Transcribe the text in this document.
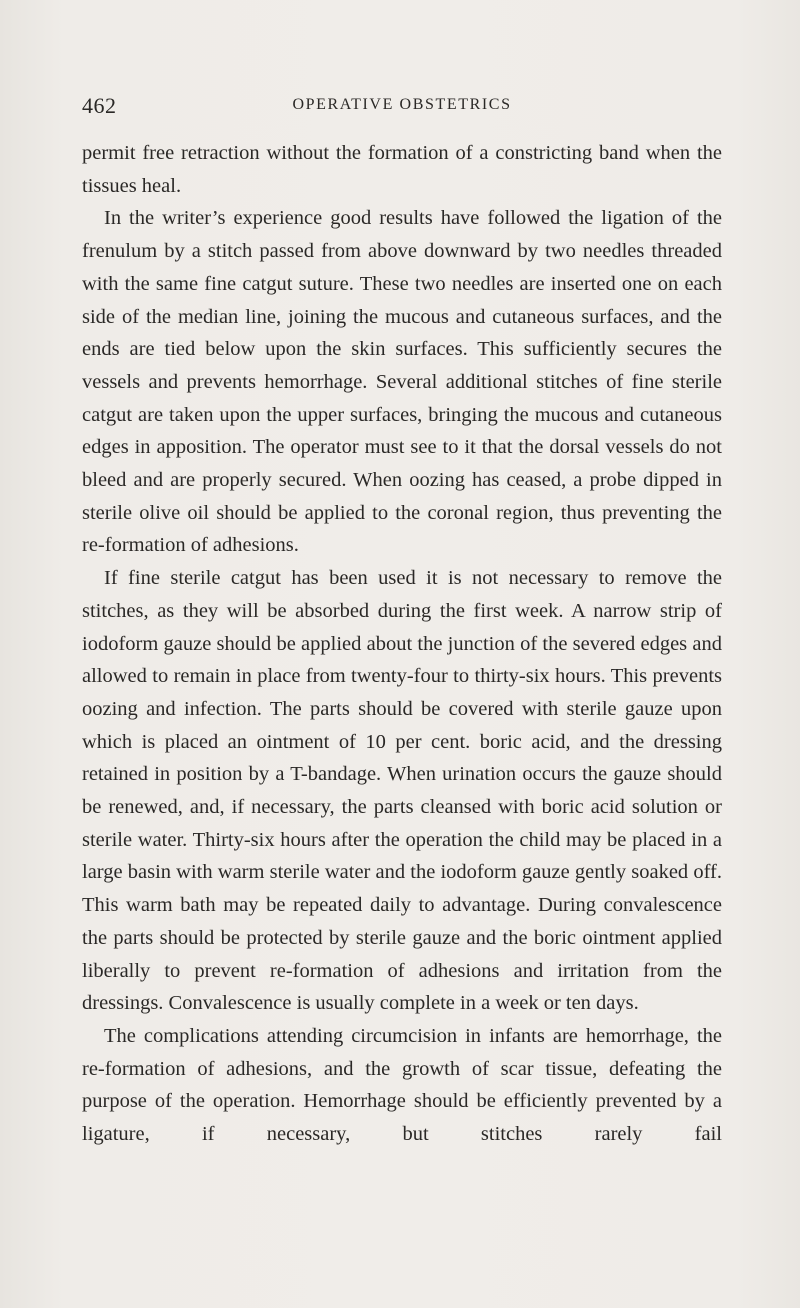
462	OPERATIVE OBSTETRICS

permit free retraction without the formation of a constricting band when the tissues heal.

In the writer’s experience good results have followed the ligation of the frenulum by a stitch passed from above downward by two needles threaded with the same fine catgut suture. These two needles are inserted one on each side of the median line, joining the mucous and cutaneous surfaces, and the ends are tied below upon the skin surfaces. This sufficiently secures the vessels and prevents hemorrhage. Several additional stitches of fine sterile catgut are taken upon the upper surfaces, bringing the mucous and cutaneous edges in apposition. The operator must see to it that the dorsal vessels do not bleed and are properly secured. When oozing has ceased, a probe dipped in sterile olive oil should be applied to the coronal region, thus preventing the re-formation of adhesions.

If fine sterile catgut has been used it is not necessary to remove the stitches, as they will be absorbed during the first week. A narrow strip of iodoform gauze should be applied about the junction of the severed edges and allowed to remain in place from twenty-four to thirty-six hours. This prevents oozing and infection. The parts should be covered with sterile gauze upon which is placed an ointment of 10 per cent. boric acid, and the dressing retained in position by a T-bandage. When urination occurs the gauze should be renewed, and, if necessary, the parts cleansed with boric acid solution or sterile water. Thirty-six hours after the operation the child may be placed in a large basin with warm sterile water and the iodoform gauze gently soaked off. This warm bath may be repeated daily to advantage. During convalescence the parts should be protected by sterile gauze and the boric ointment applied liberally to prevent re-formation of adhesions and irritation from the dressings. Convalescence is usually complete in a week or ten days.

The complications attending circumcision in infants are hemorrhage, the re-formation of adhesions, and the growth of scar tissue, defeating the purpose of the operation. Hemorrhage should be efficiently prevented by a ligature, if necessary, but stitches rarely fail
